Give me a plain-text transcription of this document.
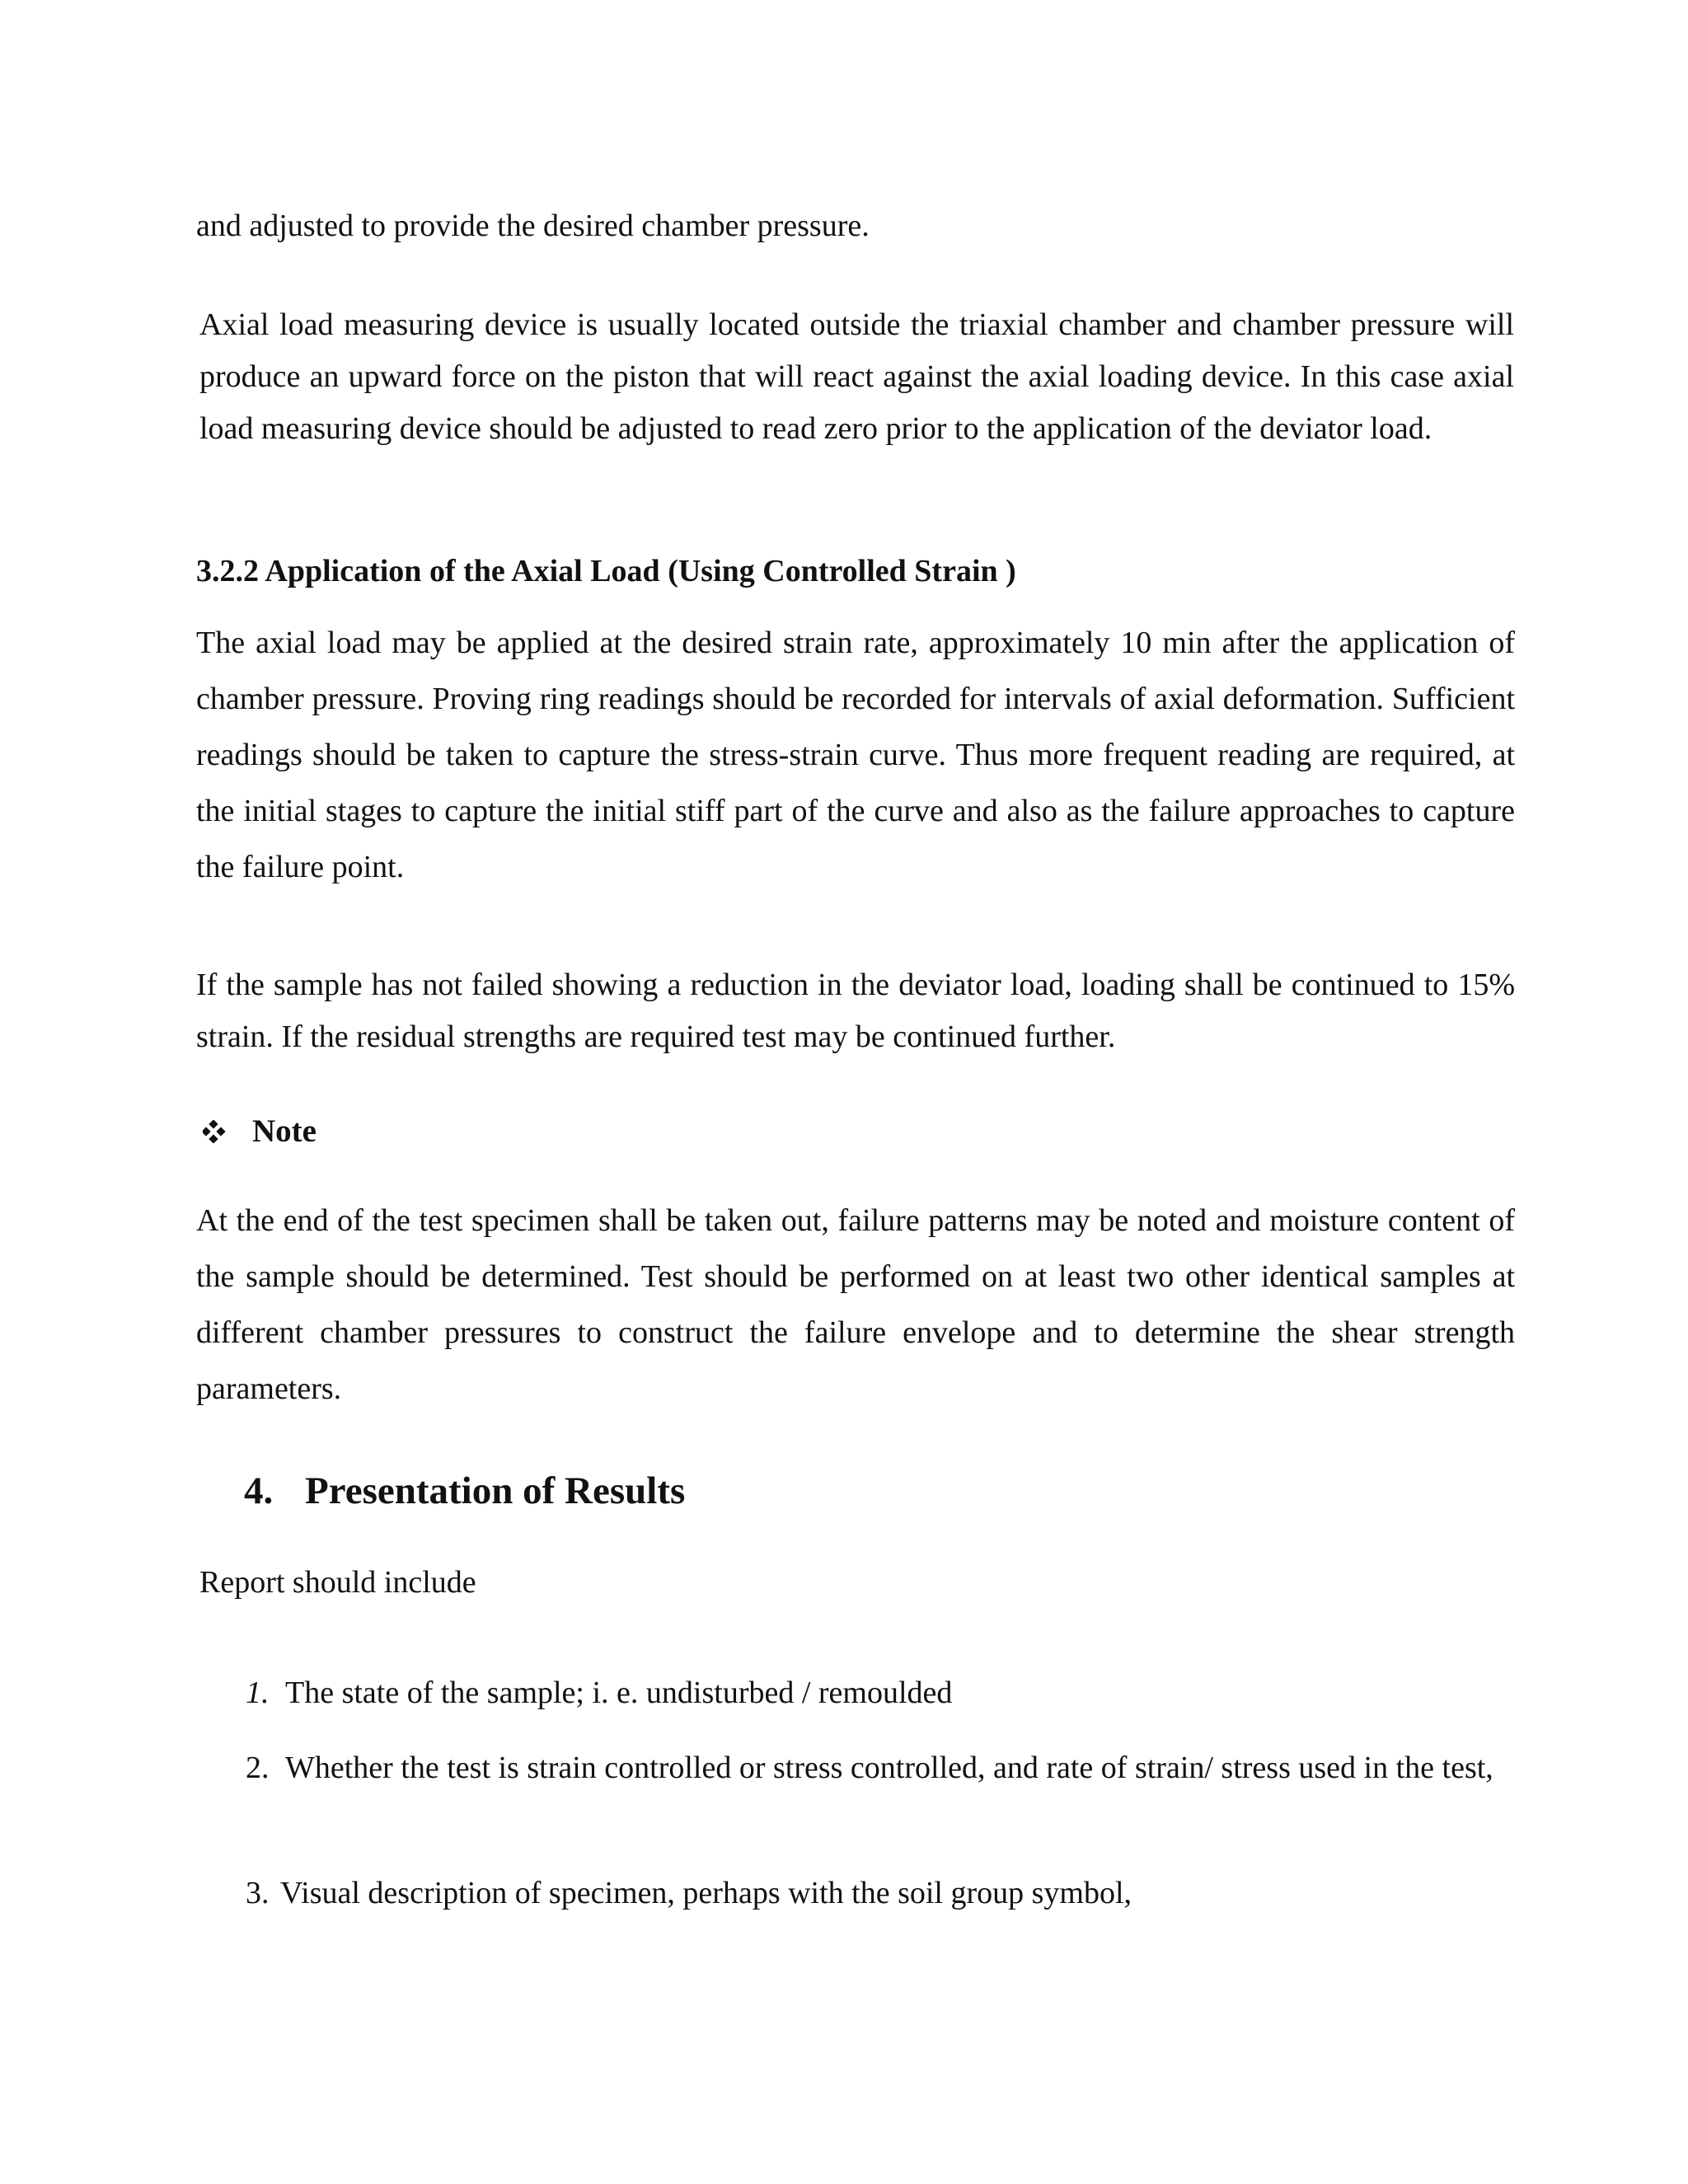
and adjusted to provide the desired chamber pressure.

Axial load measuring device is usually located outside the triaxial chamber and chamber pressure will produce an upward force on the piston that will react against the axial loading device. In this case axial load measuring device should be adjusted to read zero prior to the application of the deviator load.

3.2.2 Application of the Axial Load (Using Controlled Strain )

The axial load may be applied at the desired strain rate, approximately 10 min after the application of chamber pressure. Proving ring readings should be recorded for intervals of axial deformation. Sufficient readings should be taken to capture the stress-strain curve. Thus more frequent reading are required, at the initial stages to capture the initial stiff part of the curve and also as the failure approaches to capture the failure point.

If the sample has not failed showing a reduction in the deviator load, loading shall be continued to 15% strain. If the residual strengths are required test may be continued further.

Note

At the end of the test specimen shall be taken out, failure patterns may be noted and moisture content of the sample should be determined. Test should be performed on at least two other identical samples at different chamber pressures to construct the failure envelope and to determine the shear strength parameters.

4. Presentation of Results

Report should include

1. The state of the sample; i. e. undisturbed / remoulded
2. Whether the test is strain controlled or stress controlled, and rate of strain/ stress used in the test,
3. Visual description of specimen, perhaps with the soil group symbol,
